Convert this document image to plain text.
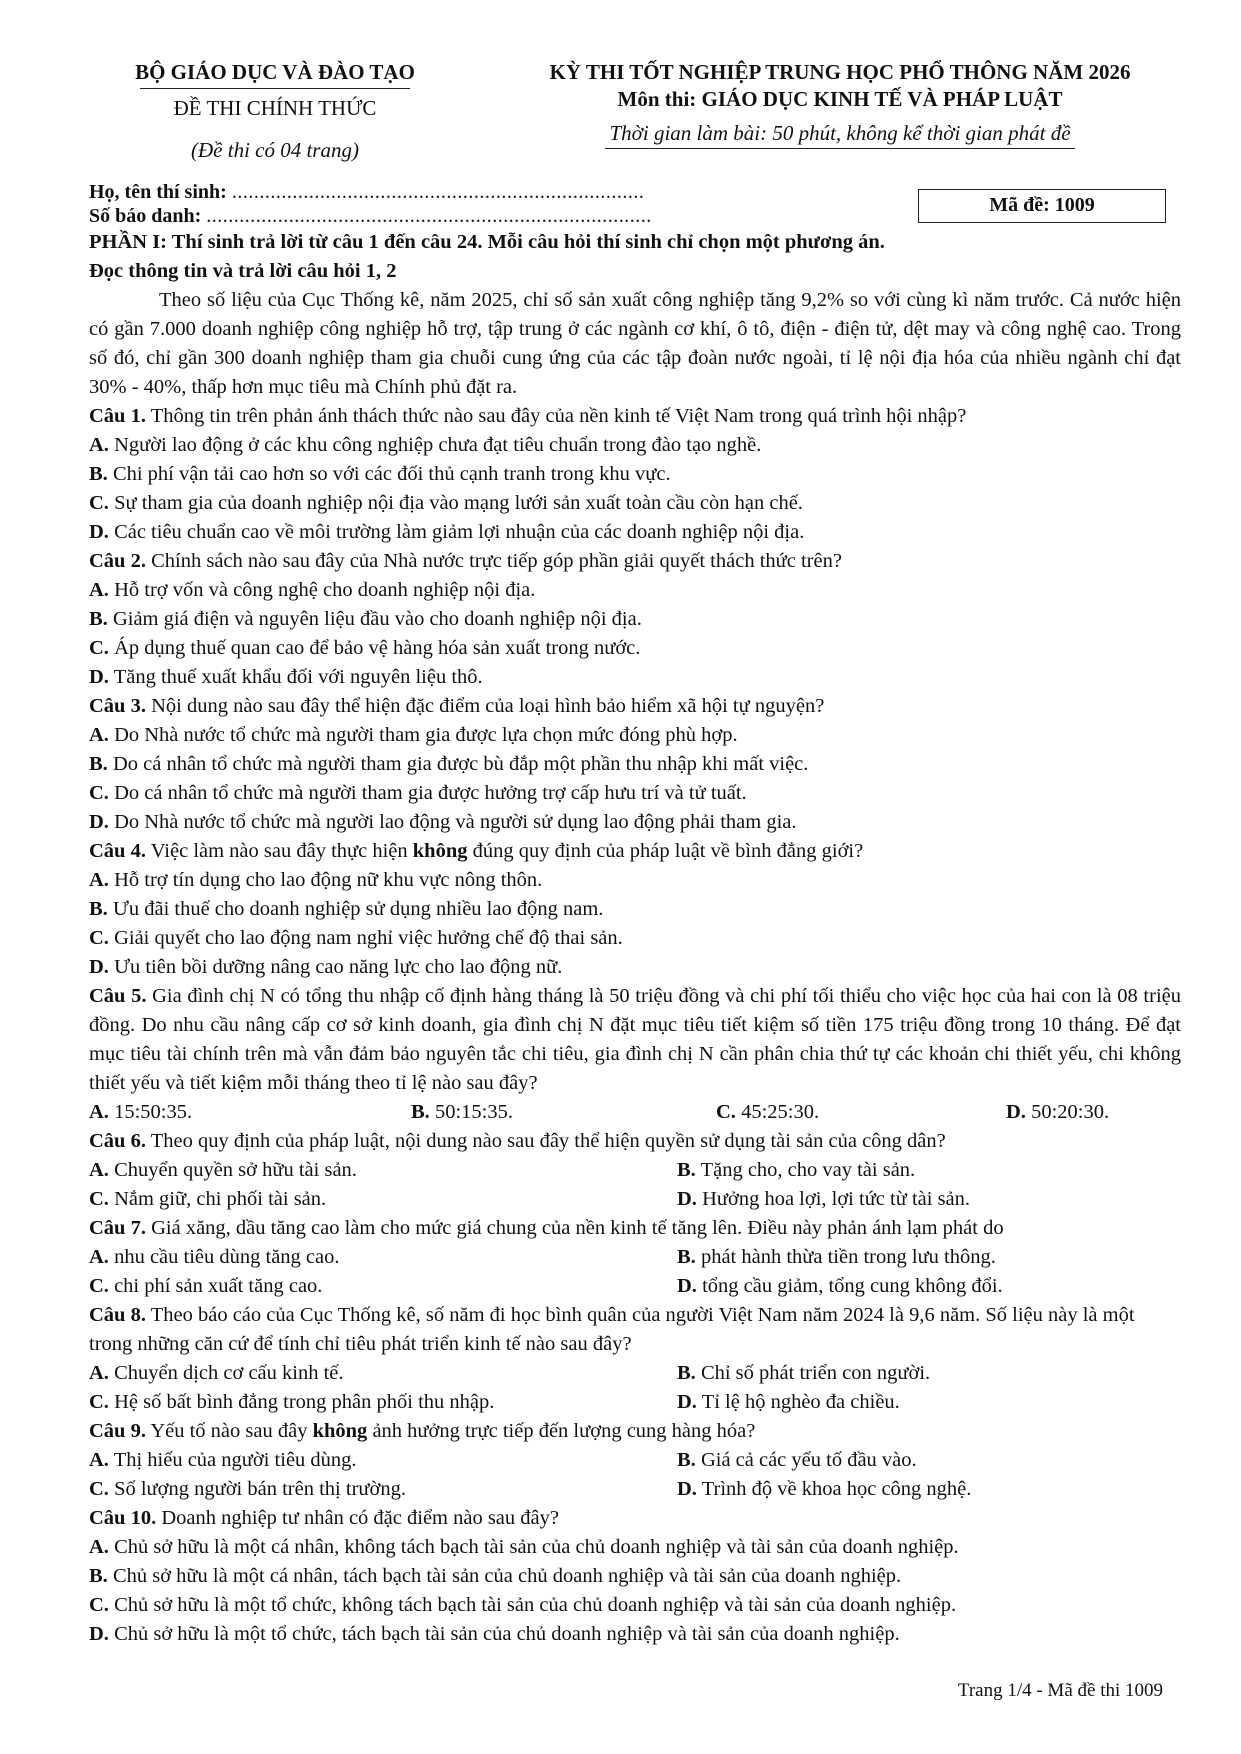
BỘ GIÁO DỤC VÀ ĐÀO TẠO
ĐỀ THI CHÍNH THỨC
(Đề thi có 04 trang)
KỲ THI TỐT NGHIỆP TRUNG HỌC PHỔ THÔNG NĂM 2026
Môn thi: GIÁO DỤC KINH TẾ VÀ PHÁP LUẬT
Thời gian làm bài: 50 phút, không kể thời gian phát đề
Họ, tên thí sinh: ...........................................................................
Số báo danh: .................................................................................	Mã đề: 1009
PHẦN I: Thí sinh trả lời từ câu 1 đến câu 24. Mỗi câu hỏi thí sinh chỉ chọn một phương án.
Đọc thông tin và trả lời câu hỏi 1, 2
Theo số liệu của Cục Thống kê, năm 2025, chỉ số sản xuất công nghiệp tăng 9,2% so với cùng kì năm trước. Cả nước hiện có gần 7.000 doanh nghiệp công nghiệp hỗ trợ, tập trung ở các ngành cơ khí, ô tô, điện - điện tử, dệt may và công nghệ cao. Trong số đó, chỉ gần 300 doanh nghiệp tham gia chuỗi cung ứng của các tập đoàn nước ngoài, tỉ lệ nội địa hóa của nhiều ngành chỉ đạt 30% - 40%, thấp hơn mục tiêu mà Chính phủ đặt ra.
Câu 1. Thông tin trên phản ánh thách thức nào sau đây của nền kinh tế Việt Nam trong quá trình hội nhập?
A. Người lao động ở các khu công nghiệp chưa đạt tiêu chuẩn trong đào tạo nghề.
B. Chi phí vận tải cao hơn so với các đối thủ cạnh tranh trong khu vực.
C. Sự tham gia của doanh nghiệp nội địa vào mạng lưới sản xuất toàn cầu còn hạn chế.
D. Các tiêu chuẩn cao về môi trường làm giảm lợi nhuận của các doanh nghiệp nội địa.
Câu 2. Chính sách nào sau đây của Nhà nước trực tiếp góp phần giải quyết thách thức trên?
A. Hỗ trợ vốn và công nghệ cho doanh nghiệp nội địa.
B. Giảm giá điện và nguyên liệu đầu vào cho doanh nghiệp nội địa.
C. Áp dụng thuế quan cao để bảo vệ hàng hóa sản xuất trong nước.
D. Tăng thuế xuất khẩu đối với nguyên liệu thô.
Câu 3. Nội dung nào sau đây thể hiện đặc điểm của loại hình bảo hiểm xã hội tự nguyện?
A. Do Nhà nước tổ chức mà người tham gia được lựa chọn mức đóng phù hợp.
B. Do cá nhân tổ chức mà người tham gia được bù đắp một phần thu nhập khi mất việc.
C. Do cá nhân tổ chức mà người tham gia được hưởng trợ cấp hưu trí và tử tuất.
D. Do Nhà nước tổ chức mà người lao động và người sử dụng lao động phải tham gia.
Câu 4. Việc làm nào sau đây thực hiện không đúng quy định của pháp luật về bình đẳng giới?
A. Hỗ trợ tín dụng cho lao động nữ khu vực nông thôn.
B. Ưu đãi thuế cho doanh nghiệp sử dụng nhiều lao động nam.
C. Giải quyết cho lao động nam nghỉ việc hưởng chế độ thai sản.
D. Ưu tiên bồi dưỡng nâng cao năng lực cho lao động nữ.
Câu 5. Gia đình chị N có tổng thu nhập cố định hàng tháng là 50 triệu đồng và chi phí tối thiểu cho việc học của hai con là 08 triệu đồng. Do nhu cầu nâng cấp cơ sở kinh doanh, gia đình chị N đặt mục tiêu tiết kiệm số tiền 175 triệu đồng trong 10 tháng. Để đạt mục tiêu tài chính trên mà vẫn đảm bảo nguyên tắc chi tiêu, gia đình chị N cần phân chia thứ tự các khoản chi thiết yếu, chi không thiết yếu và tiết kiệm mỗi tháng theo tỉ lệ nào sau đây?
A. 15:50:35.	B. 50:15:35.	C. 45:25:30.	D. 50:20:30.
Câu 6. Theo quy định của pháp luật, nội dung nào sau đây thể hiện quyền sử dụng tài sản của công dân?
A. Chuyển quyền sở hữu tài sản.	B. Tặng cho, cho vay tài sản.
C. Nắm giữ, chi phối tài sản.	D. Hưởng hoa lợi, lợi tức từ tài sản.
Câu 7. Giá xăng, dầu tăng cao làm cho mức giá chung của nền kinh tế tăng lên. Điều này phản ánh lạm phát do
A. nhu cầu tiêu dùng tăng cao.	B. phát hành thừa tiền trong lưu thông.
C. chi phí sản xuất tăng cao.	D. tổng cầu giảm, tổng cung không đổi.
Câu 8. Theo báo cáo của Cục Thống kê, số năm đi học bình quân của người Việt Nam năm 2024 là 9,6 năm. Số liệu này là một trong những căn cứ để tính chỉ tiêu phát triển kinh tế nào sau đây?
A. Chuyển dịch cơ cấu kinh tế.	B. Chỉ số phát triển con người.
C. Hệ số bất bình đẳng trong phân phối thu nhập.	D. Tỉ lệ hộ nghèo đa chiều.
Câu 9. Yếu tố nào sau đây không ảnh hưởng trực tiếp đến lượng cung hàng hóa?
A. Thị hiếu của người tiêu dùng.	B. Giá cả các yếu tố đầu vào.
C. Số lượng người bán trên thị trường.	D. Trình độ về khoa học công nghệ.
Câu 10. Doanh nghiệp tư nhân có đặc điểm nào sau đây?
A. Chủ sở hữu là một cá nhân, không tách bạch tài sản của chủ doanh nghiệp và tài sản của doanh nghiệp.
B. Chủ sở hữu là một cá nhân, tách bạch tài sản của chủ doanh nghiệp và tài sản của doanh nghiệp.
C. Chủ sở hữu là một tổ chức, không tách bạch tài sản của chủ doanh nghiệp và tài sản của doanh nghiệp.
D. Chủ sở hữu là một tổ chức, tách bạch tài sản của chủ doanh nghiệp và tài sản của doanh nghiệp.
Trang 1/4 - Mã đề thi 1009
